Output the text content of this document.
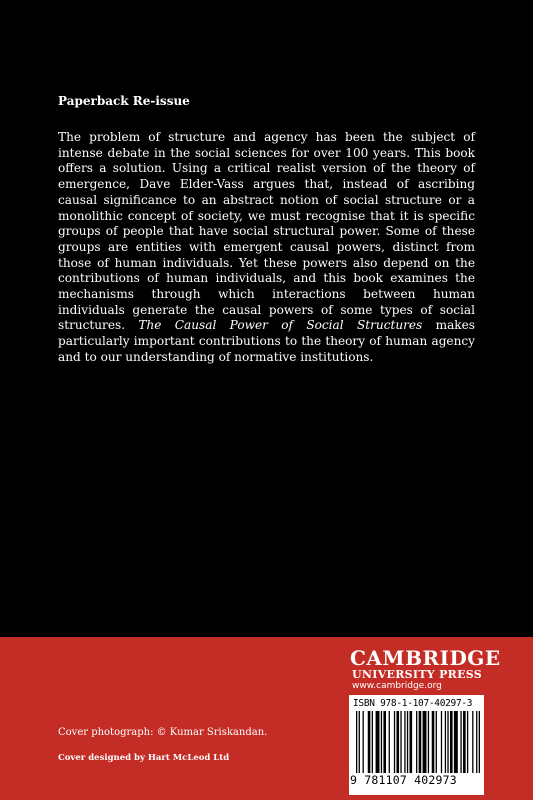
Paperback Re-issue

The problem of structure and agency has been the subject of intense debate in the social sciences for over 100 years. This book offers a solution. Using a critical realist version of the theory of emergence, Dave Elder-Vass argues that, instead of ascribing causal significance to an abstract notion of social structure or a monolithic concept of society, we must recognise that it is specific groups of people that have social structural power. Some of these groups are entities with emergent causal powers, distinct from those of human individuals. Yet these powers also depend on the contributions of human individuals, and this book examines the mechanisms through which interactions between human individuals generate the causal powers of some types of social structures. The Causal Power of Social Structures makes particularly important contributions to the theory of human agency and to our understanding of normative institutions.

CAMBRIDGE
UNIVERSITY PRESS
www.cambridge.org
Cover photograph: © Kumar Sriskandan.
Cover designed by Hart McLeod Ltd
ISBN 978-1-107-40297-3
9 781107 402973
